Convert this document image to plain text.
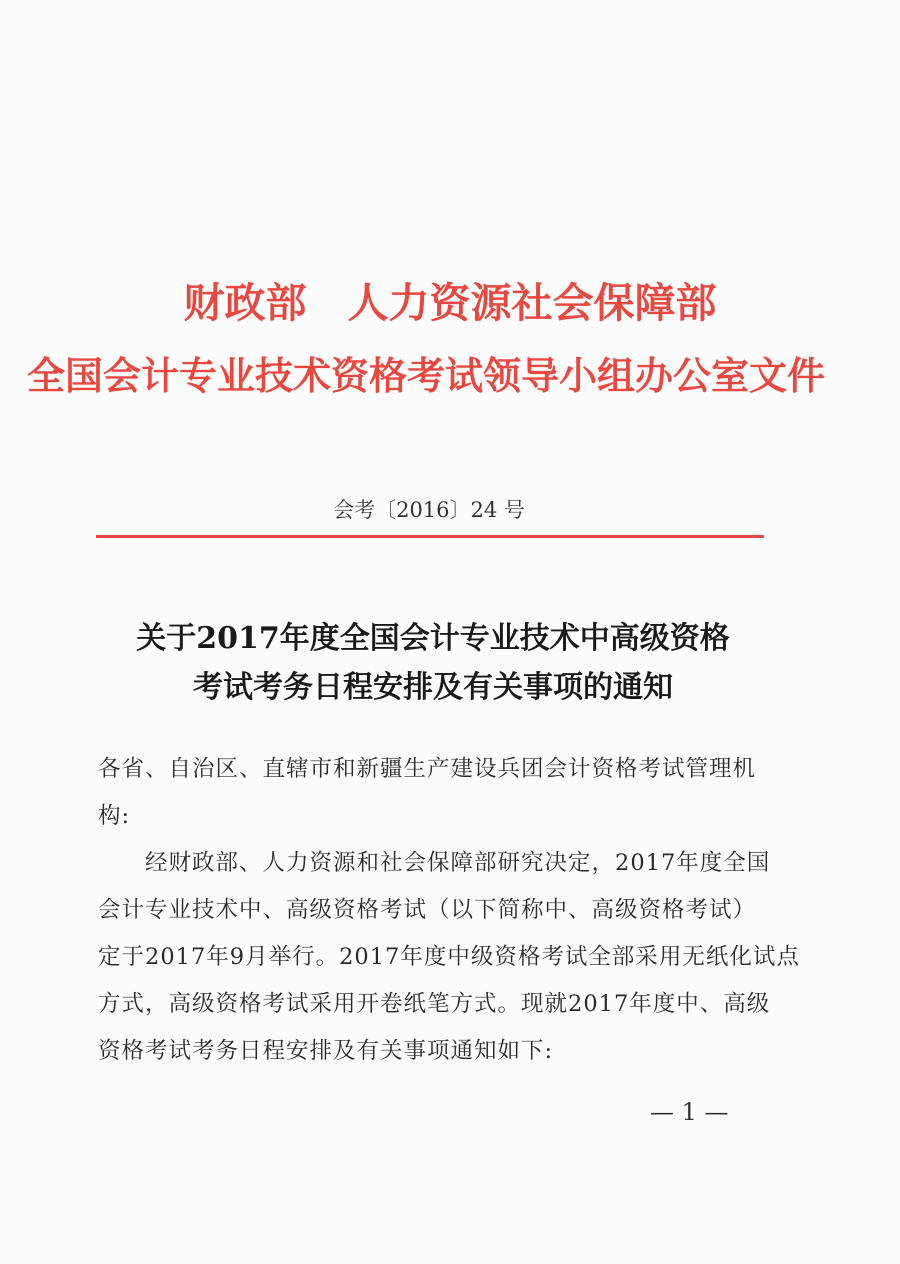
财政部　人力资源社会保障部
全国会计专业技术资格考试领导小组办公室文件
会考〔2016〕24 号
关于2017年度全国会计专业技术中高级资格
考试考务日程安排及有关事项的通知
各省、自治区、直辖市和新疆生产建设兵团会计资格考试管理机
构:
经财政部、人力资源和社会保障部研究决定，2017年度全国
会计专业技术中、高级资格考试（以下简称中、高级资格考试）
定于2017年9月举行。2017年度中级资格考试全部采用无纸化试点
方式，高级资格考试采用开卷纸笔方式。现就2017年度中、高级
资格考试考务日程安排及有关事项通知如下:
— 1 —
